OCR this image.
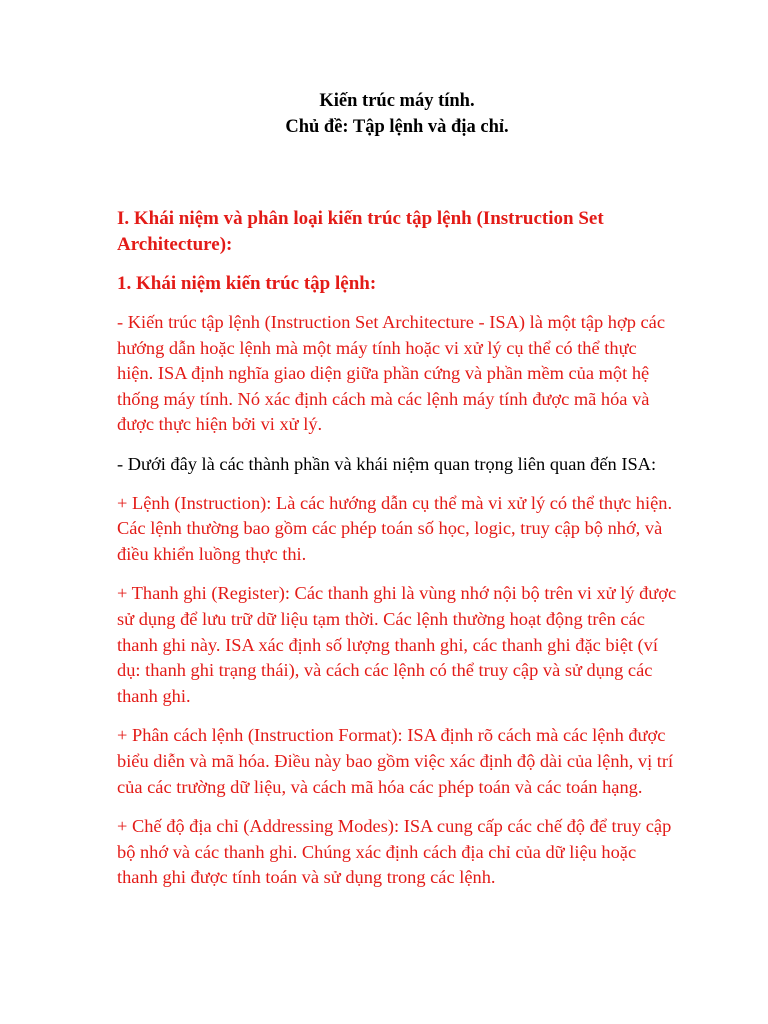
Kiến trúc máy tính.
Chủ đề: Tập lệnh và địa chỉ.
I. Khái niệm và phân loại kiến trúc tập lệnh (Instruction Set Architecture):
1. Khái niệm kiến trúc tập lệnh:

- Kiến trúc tập lệnh (Instruction Set Architecture - ISA) là một tập hợp các hướng dẫn hoặc lệnh mà một máy tính hoặc vi xử lý cụ thể có thể thực hiện. ISA định nghĩa giao diện giữa phần cứng và phần mềm của một hệ thống máy tính. Nó xác định cách mà các lệnh máy tính được mã hóa và được thực hiện bởi vi xử lý.

- Dưới đây là các thành phần và khái niệm quan trọng liên quan đến ISA:

+ Lệnh (Instruction): Là các hướng dẫn cụ thể mà vi xử lý có thể thực hiện. Các lệnh thường bao gồm các phép toán số học, logic, truy cập bộ nhớ, và điều khiển luồng thực thi.

+ Thanh ghi (Register): Các thanh ghi là vùng nhớ nội bộ trên vi xử lý được sử dụng để lưu trữ dữ liệu tạm thời. Các lệnh thường hoạt động trên các thanh ghi này. ISA xác định số lượng thanh ghi, các thanh ghi đặc biệt (ví dụ: thanh ghi trạng thái), và cách các lệnh có thể truy cập và sử dụng các thanh ghi.

+ Phân cách lệnh (Instruction Format): ISA định rõ cách mà các lệnh được biểu diễn và mã hóa. Điều này bao gồm việc xác định độ dài của lệnh, vị trí của các trường dữ liệu, và cách mã hóa các phép toán và các toán hạng.

+ Chế độ địa chỉ (Addressing Modes): ISA cung cấp các chế độ để truy cập bộ nhớ và các thanh ghi. Chúng xác định cách địa chỉ của dữ liệu hoặc thanh ghi được tính toán và sử dụng trong các lệnh.
